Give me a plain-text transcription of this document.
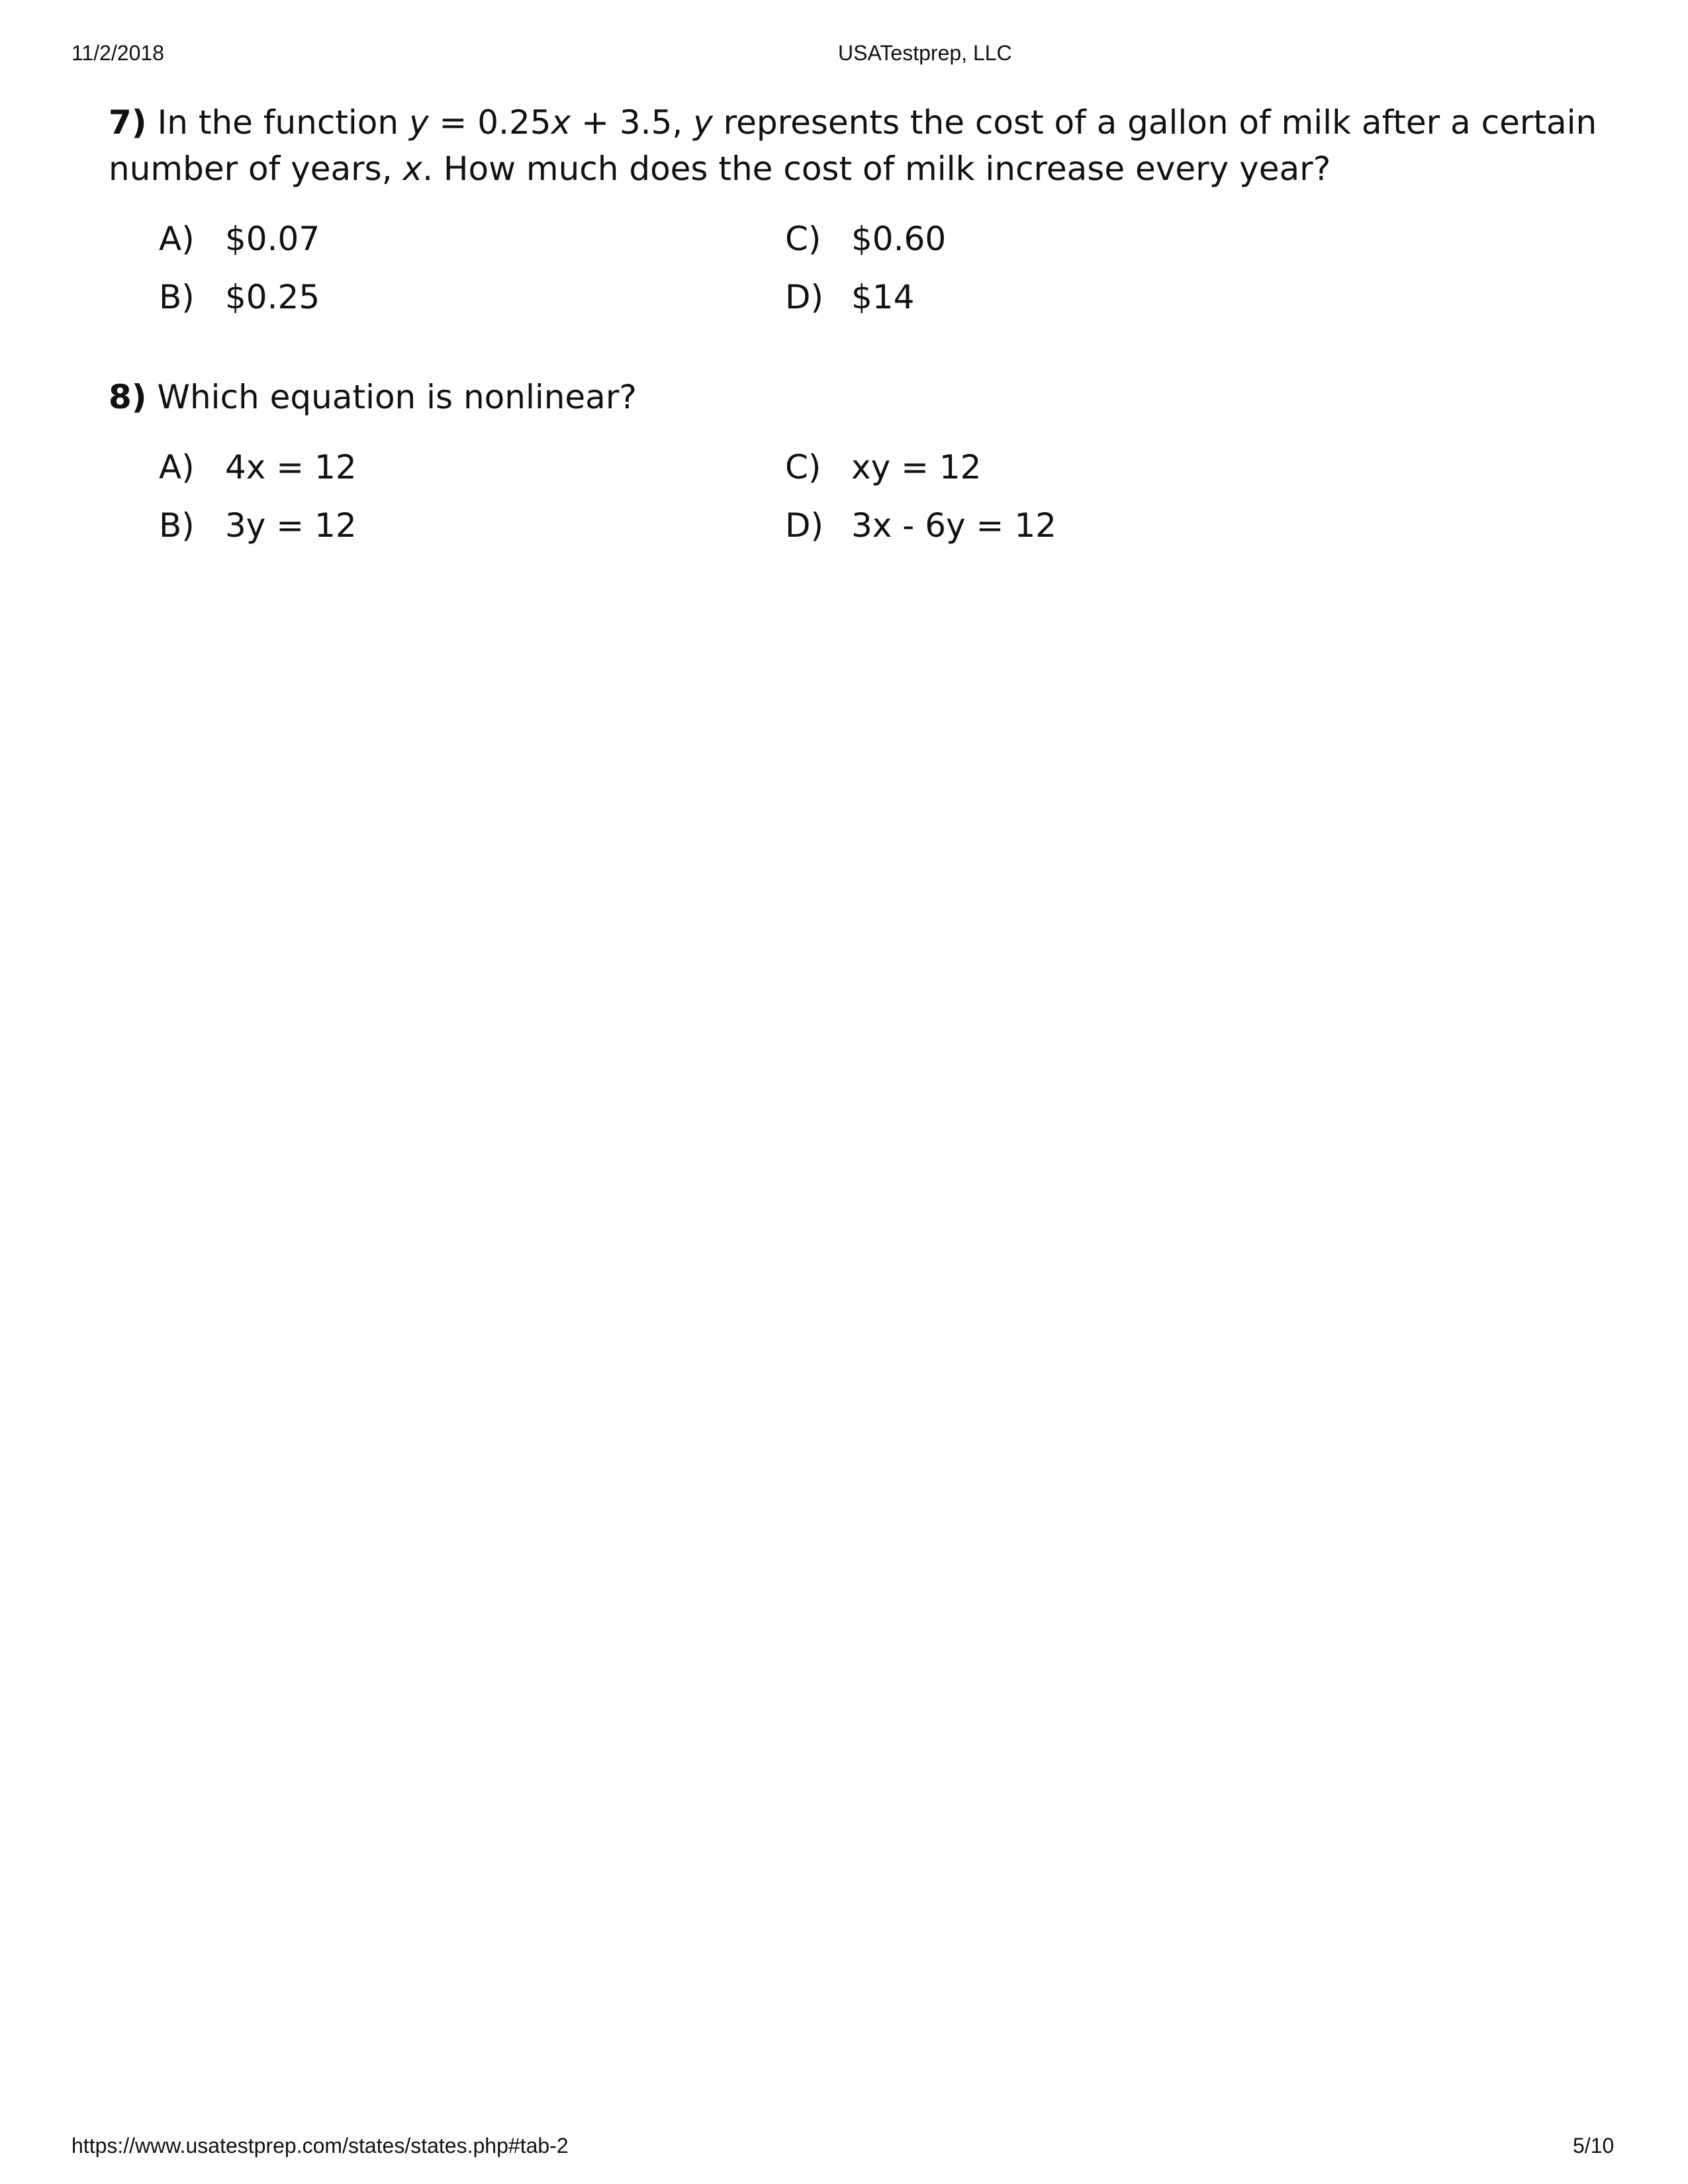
11/2/2018	USATestprep, LLC
7) In the function y = 0.25x + 3.5, y represents the cost of a gallon of milk after a certain
number of years, x. How much does the cost of milk increase every year?
A) $0.07
B) $0.25
C) $0.60
D) $14
8) Which equation is nonlinear?
A) 4x = 12
B) 3y = 12
C) xy = 12
D) 3x - 6y = 12
https://www.usatestprep.com/states/states.php#tab-2	5/10
